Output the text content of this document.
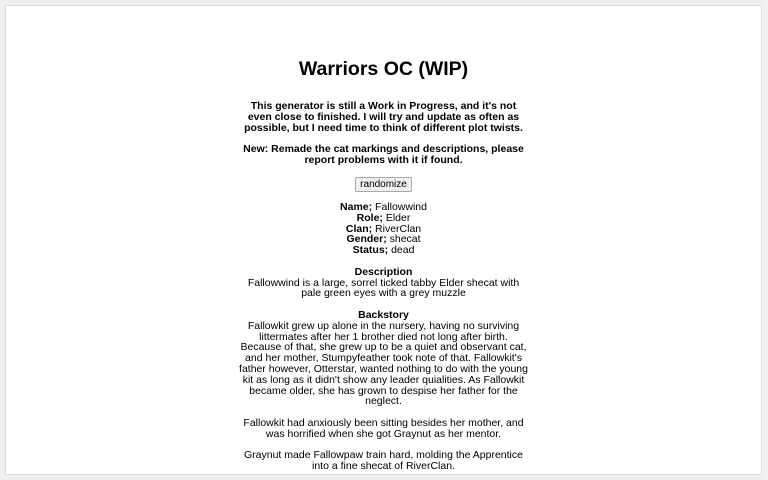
Warriors OC (WIP)

This generator is still a Work in Progress, and it's not even close to finished. I will try and update as often as possible, but I need time to think of different plot twists.

New: Remade the cat markings and descriptions, please report problems with it if found.

randomize
Name; Fallowwind
Role; Elder
Clan; RiverClan
Gender; shecat
Status; dead
Description

Fallowwind is a large, sorrel ticked tabby Elder shecat with pale green eyes with a grey muzzle

Backstory

Fallowkit grew up alone in the nursery, having no surviving littermates after her 1 brother died not long after birth. Because of that, she grew up to be a quiet and observant cat, and her mother, Stumpyfeather took note of that. Fallowkit's father however, Otterstar, wanted nothing to do with the young kit as long as it didn't show any leader quialities. As Fallowkit became older, she has grown to despise her father for the neglect.

Fallowkit had anxiously been sitting besides her mother, and was horrified when she got Graynut as her mentor.

Graynut made Fallowpaw train hard, molding the Apprentice into a fine shecat of RiverClan.
